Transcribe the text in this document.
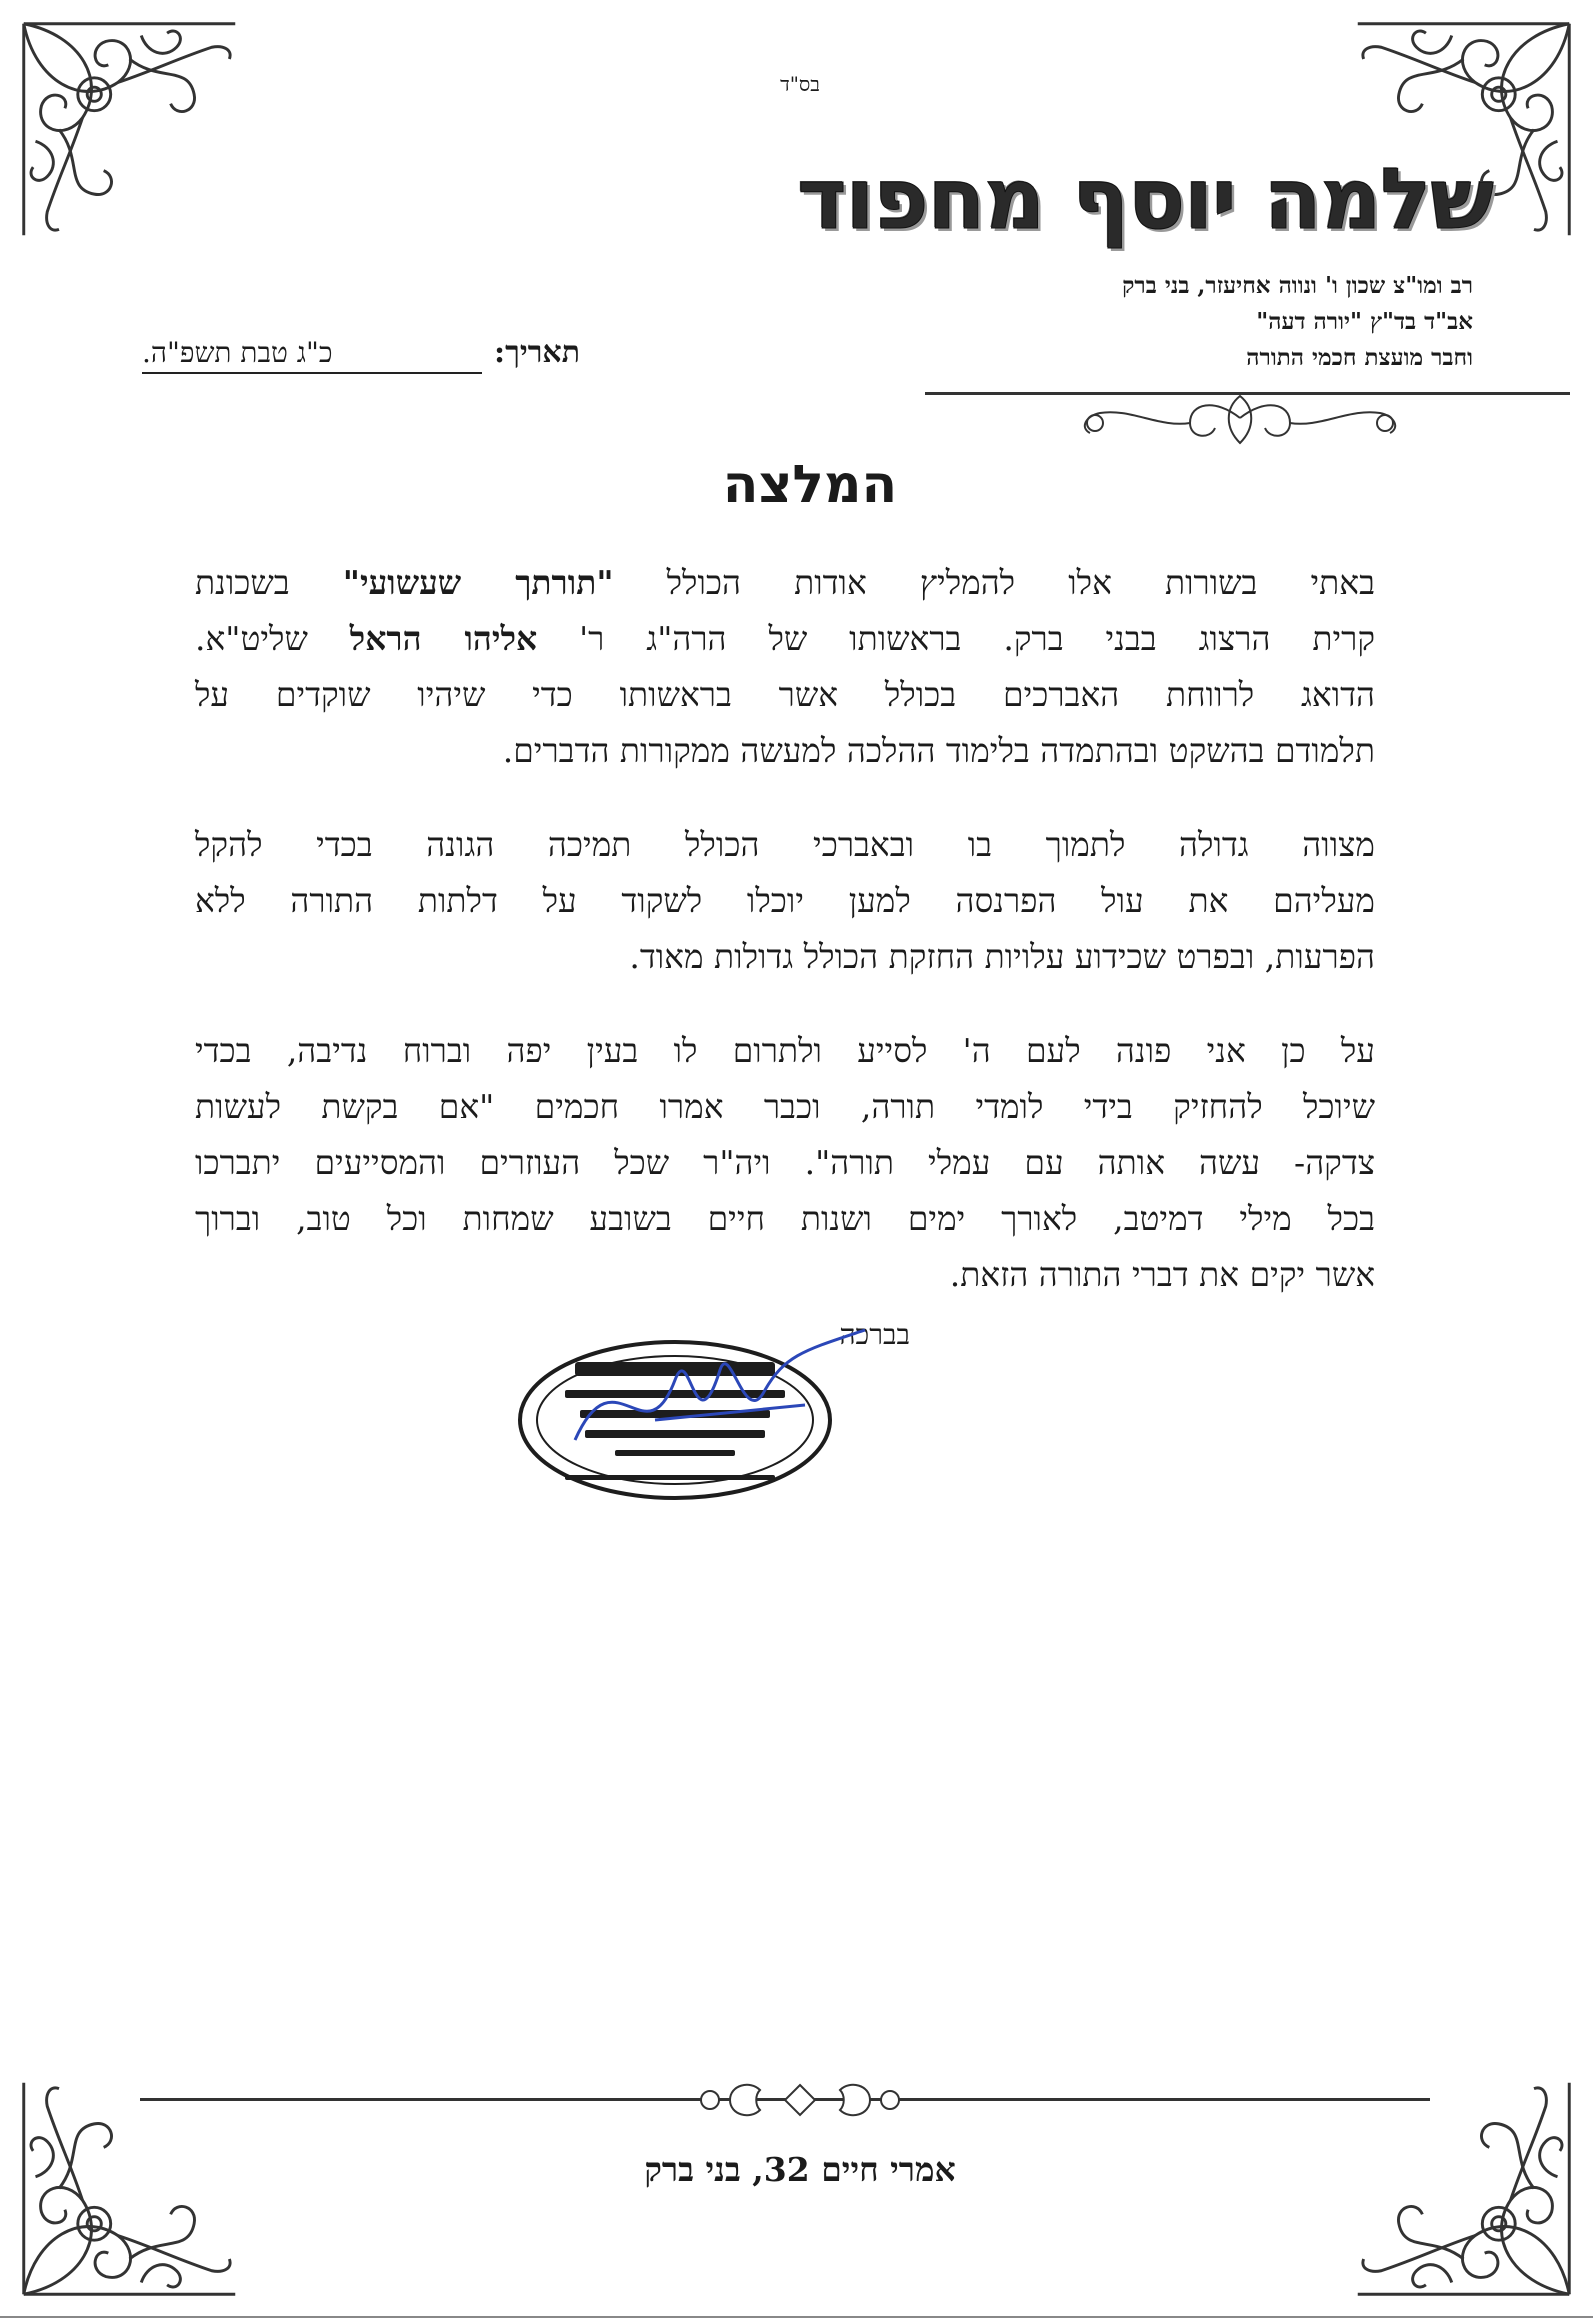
בס"ד
שלמה יוסף מחפוד
רב ומו"צ שכון ו' ונווה אחיעזר, בני ברק
אב"ד בד"ץ "יורה דעה"
וחבר מועצת חכמי התורה
תאריך:כ"ג טבת תשפ"ה.
המלצה

באתי בשורות אלו להמליץ אודות הכולל "תורתך שעשועי" בשכונת
קרית הרצוג בבני ברק. בראשותו של הרה"ג ר' אליהו הראל שליט"א.
הדואג לרווחת האברכים בכולל אשר בראשותו כדי שיהיו שוקדים על
תלמודם בהשקט ובהתמדה בלימוד ההלכה למעשה ממקורות הדברים.

מצווה גדולה לתמוך בו ובאברכי הכולל תמיכה הגונה בכדי להקל
מעליהם את עול הפרנסה למען יוכלו לשקוד על דלתות התורה ללא
הפרעות, ובפרט שכידוע עלויות החזקת הכולל גדולות מאוד.

על כן אני פונה לעם ה' לסייע ולתרום לו בעין יפה וברוח נדיבה, בכדי
שיוכל להחזיק בידי לומדי תורה, וכבר אמרו חכמים "אם בקשת לעשות
צדקה- עשה אותה עם עמלי תורה". ויה"ר שכל העוזרים והמסייעים יתברכו
בכל מילי דמיטב, לאורך ימים ושנות חיים בשובע שמחות וכל טוב, וברוך
אשר יקים את דברי התורה הזאת.

בברכה
אמרי חיים 32, בני ברק
